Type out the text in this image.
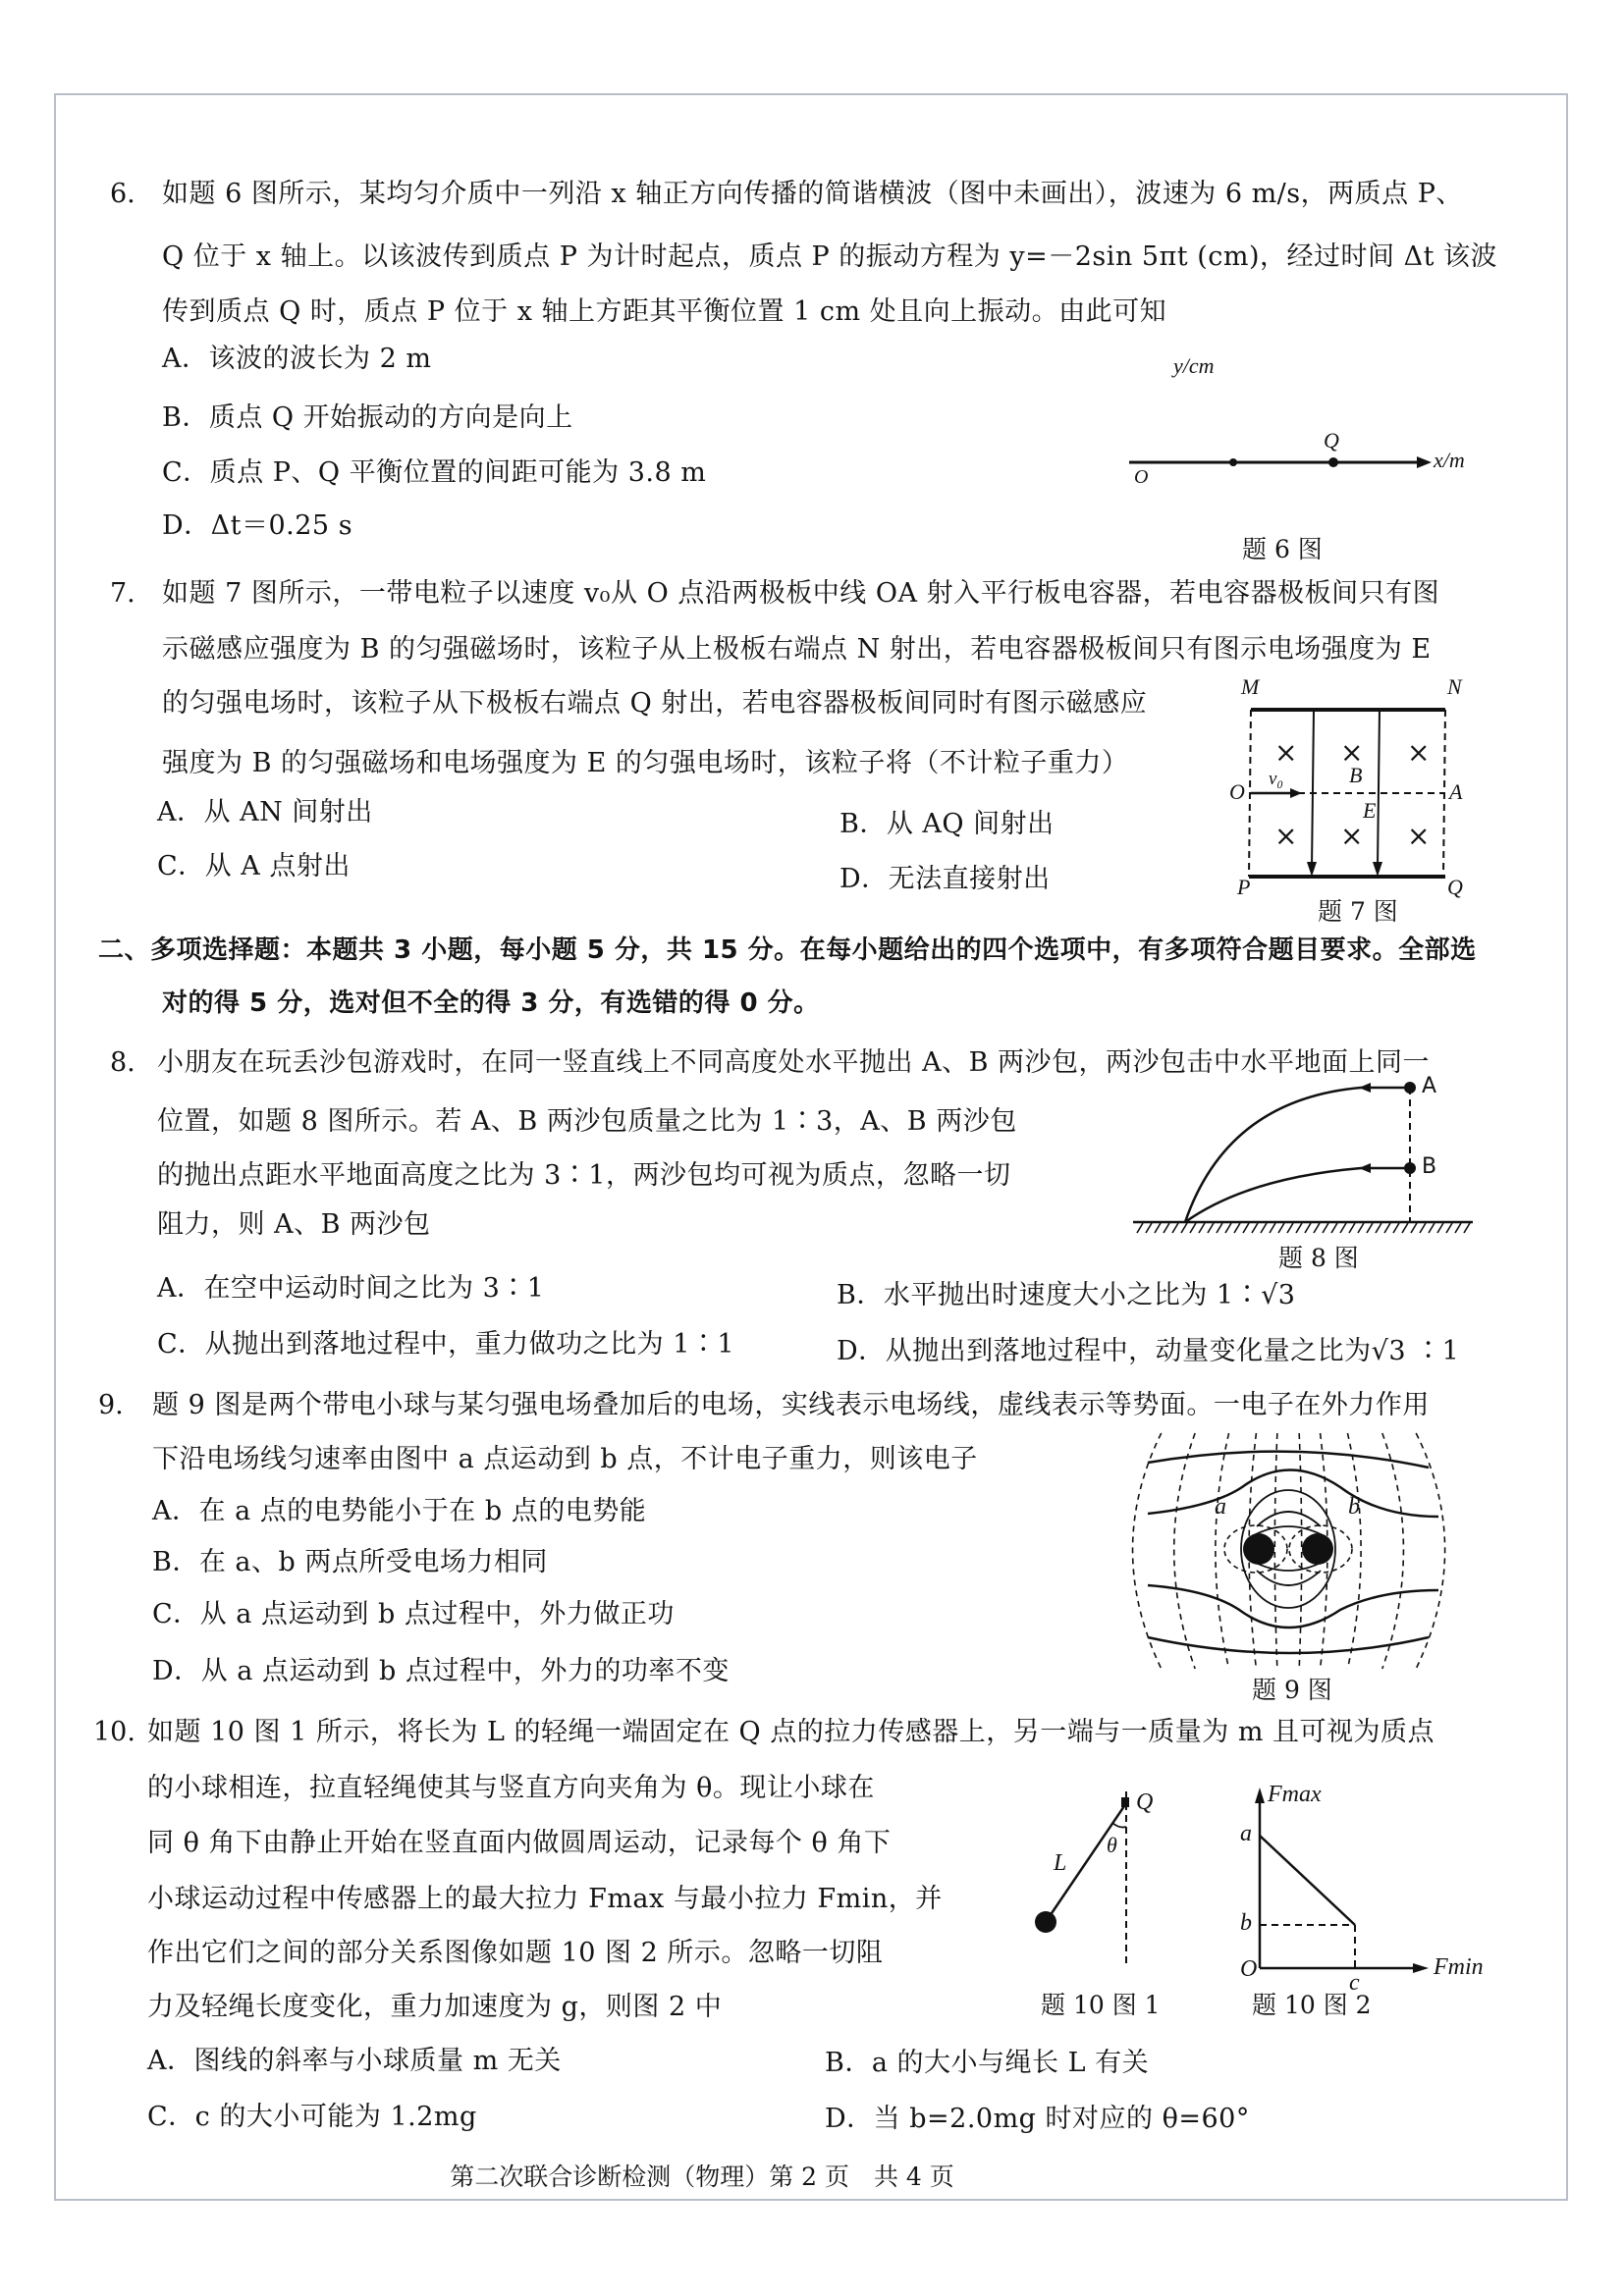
6. 如题 6 图所示，某均匀介质中一列沿 x 轴正方向传播的简谐横波（图中未画出），波速为 6 m/s，两质点 P、
Q 位于 x 轴上。以该波传到质点 P 为计时起点，质点 P 的振动方程为 y=－2sin 5πt (cm)，经过时间 Δt 该波
传到质点 Q 时，质点 P 位于 x 轴上方距其平衡位置 1 cm 处且向上振动。由此可知
A．该波的波长为 2 m
B．质点 Q 开始振动的方向是向上
C．质点 P、Q 平衡位置的间距可能为 3.8 m
D．Δt＝0.25 s
y/cm
O
Q
x/m
题 6 图
7. 如题 7 图所示，一带电粒子以速度 v₀从 O 点沿两极板中线 OA 射入平行板电容器，若电容器极板间只有图
示磁感应强度为 B 的匀强磁场时，该粒子从上极板右端点 N 射出，若电容器极板间只有图示电场强度为 E
的匀强电场时，该粒子从下极板右端点 Q 射出，若电容器极板间同时有图示磁感应
强度为 B 的匀强磁场和电场强度为 E 的匀强电场时，该粒子将（不计粒子重力）
A．从 AN 间射出	B．从 AQ 间射出
C．从 A 点射出	D．无法直接射出
× × ×
× × ×
M	N
O	A
P	Q
v₀	B
E
题 7 图
二、多项选择题：本题共 3 小题，每小题 5 分，共 15 分。在每小题给出的四个选项中，有多项符合题目要求。全部选
对的得 5 分，选对但不全的得 3 分，有选错的得 0 分。
8. 小朋友在玩丢沙包游戏时，在同一竖直线上不同高度处水平抛出 A、B 两沙包，两沙包击中水平地面上同一
位置，如题 8 图所示。若 A、B 两沙包质量之比为 1∶3，A、B 两沙包
的抛出点距水平地面高度之比为 3∶1，两沙包均可视为质点，忽略一切
阻力，则 A、B 两沙包
A．在空中运动时间之比为 3∶1	B．水平抛出时速度大小之比为 1∶√3
C．从抛出到落地过程中，重力做功之比为 1∶1	D．从抛出到落地过程中，动量变化量之比为√3 ∶1
A
B
题 8 图
9. 题 9 图是两个带电小球与某匀强电场叠加后的电场，实线表示电场线，虚线表示等势面。一电子在外力作用
下沿电场线匀速率由图中 a 点运动到 b 点，不计电子重力，则该电子
A．在 a 点的电势能小于在 b 点的电势能
B．在 a、b 两点所受电场力相同
C．从 a 点运动到 b 点过程中，外力做正功
D．从 a 点运动到 b 点过程中，外力的功率不变
a	b
题 9 图
10. 如题 10 图 1 所示，将长为 L 的轻绳一端固定在 Q 点的拉力传感器上，另一端与一质量为 m 且可视为质点
的小球相连，拉直轻绳使其与竖直方向夹角为 θ。现让小球在
同 θ 角下由静止开始在竖直面内做圆周运动，记录每个 θ 角下
小球运动过程中传感器上的最大拉力 Fmax 与最小拉力 Fmin，并
作出它们之间的部分关系图像如题 10 图 2 所示。忽略一切阻
力及轻绳长度变化，重力加速度为 g，则图 2 中
A．图线的斜率与小球质量 m 无关	B．a 的大小与绳长 L 有关
C．c 的大小可能为 1.2mg	D．当 b=2.0mg 时对应的 θ=60°
Q
θ
L
题 10 图 1
Fmax
Fmin
a
b
c
O
题 10 图 2
第二次联合诊断检测（物理）第 2 页　共 4 页
